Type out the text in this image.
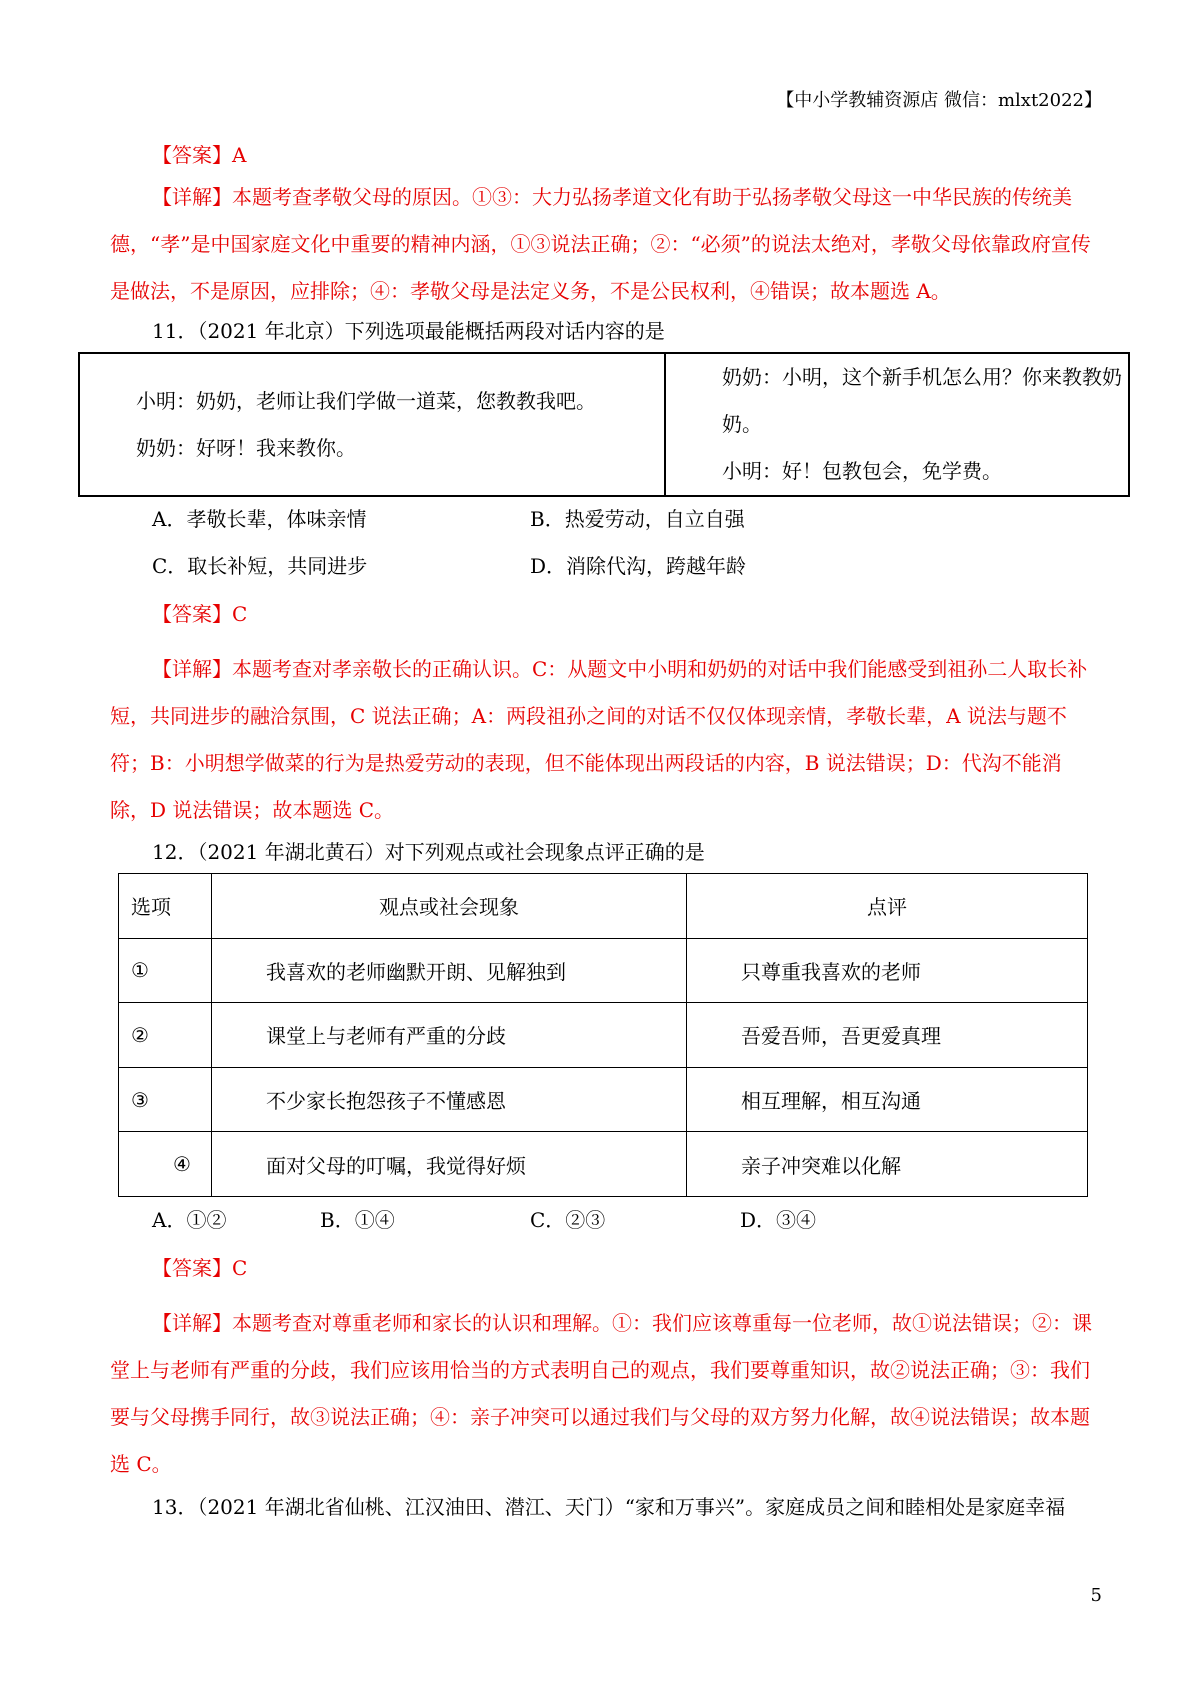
【中小学教辅资源店 微信：mlxt2022】
【答案】A
【详解】本题考查孝敬父母的原因。①③：大力弘扬孝道文化有助于弘扬孝敬父母这一中华民族的传统美德，“孝”是中国家庭文化中重要的精神内涵，①③说法正确；②：“必须”的说法太绝对，孝敬父母依靠政府宣传是做法，不是原因，应排除；④：孝敬父母是法定义务，不是公民权利，④错误；故本题选 A。
11．（2021 年北京）下列选项最能概括两段对话内容的是
小明：奶奶，老师让我们学做一道菜，您教教我吧。
奶奶：好呀！我来教你。

奶奶：小明，这个新手机怎么用？你来教教奶奶。
小明：好！包教包会，免学费。
A．孝敬长辈，体味亲情	B．热爱劳动，自立自强
C．取长补短，共同进步	D．消除代沟，跨越年龄
【答案】C
【详解】本题考查对孝亲敬长的正确认识。C：从题文中小明和奶奶的对话中我们能感受到祖孙二人取长补短，共同进步的融洽氛围，C 说法正确；A：两段祖孙之间的对话不仅仅体现亲情，孝敬长辈，A 说法与题不符；B：小明想学做菜的行为是热爱劳动的表现，但不能体现出两段话的内容，B 说法错误；D：代沟不能消除，D 说法错误；故本题选 C。
12．（2021 年湖北黄石）对下列观点或社会现象点评正确的是
选项	观点或社会现象	点评
①	我喜欢的老师幽默开朗、见解独到	只尊重我喜欢的老师
②	课堂上与老师有严重的分歧	吾爱吾师，吾更爱真理
③	不少家长抱怨孩子不懂感恩	相互理解，相互沟通
④	面对父母的叮嘱，我觉得好烦	亲子冲突难以化解
A．①②	B．①④	C．②③	D．③④
【答案】C
【详解】本题考查对尊重老师和家长的认识和理解。①：我们应该尊重每一位老师，故①说法错误；②：课堂上与老师有严重的分歧，我们应该用恰当的方式表明自己的观点，我们要尊重知识，故②说法正确；③：我们要与父母携手同行，故③说法正确；④：亲子冲突可以通过我们与父母的双方努力化解，故④说法错误；故本题选 C。
13．（2021 年湖北省仙桃、江汉油田、潜江、天门）“家和万事兴”。家庭成员之间和睦相处是家庭幸福
5
